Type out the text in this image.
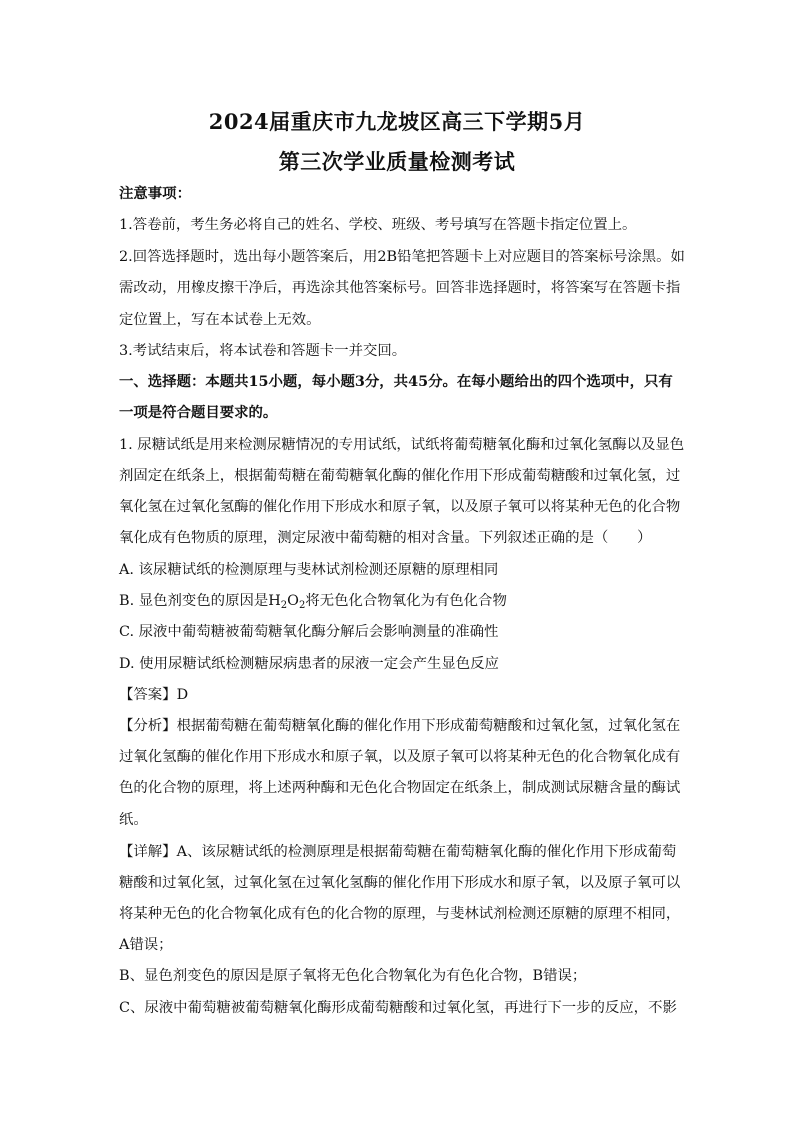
2024届重庆市九龙坡区高三下学期5月
第三次学业质量检测考试
注意事项：
1.答卷前，考生务必将自己的姓名、学校、班级、考号填写在答题卡指定位置上。
2.回答选择题时，选出每小题答案后，用2B铅笔把答题卡上对应题目的答案标号涂黑。如
需改动，用橡皮擦干净后，再选涂其他答案标号。回答非选择题时，将答案写在答题卡指
定位置上，写在本试卷上无效。
3.考试结束后，将本试卷和答题卡一并交回。
一、选择题：本题共15小题，每小题3分，共45分。在每小题给出的四个选项中，只有
一项是符合题目要求的。
1. 尿糖试纸是用来检测尿糖情况的专用试纸，试纸将葡萄糖氧化酶和过氧化氢酶以及显色
剂固定在纸条上，根据葡萄糖在葡萄糖氧化酶的催化作用下形成葡萄糖酸和过氧化氢，过
氧化氢在过氧化氢酶的催化作用下形成水和原子氧，以及原子氧可以将某种无色的化合物
氧化成有色物质的原理，测定尿液中葡萄糖的相对含量。下列叙述正确的是（　　）
A. 该尿糖试纸的检测原理与斐林试剂检测还原糖的原理相同
B. 显色剂变色的原因是$H_2O_2$将无色化合物氧化为有色化合物
C. 尿液中葡萄糖被葡萄糖氧化酶分解后会影响测量的准确性
D. 使用尿糖试纸检测糖尿病患者的尿液一定会产生显色反应
【答案】D
【分析】根据葡萄糖在葡萄糖氧化酶的催化作用下形成葡萄糖酸和过氧化氢，过氧化氢在
过氧化氢酶的催化作用下形成水和原子氧，以及原子氧可以将某种无色的化合物氧化成有
色的化合物的原理，将上述两种酶和无色化合物固定在纸条上，制成测试尿糖含量的酶试
纸。
【详解】A、该尿糖试纸的检测原理是根据葡萄糖在葡萄糖氧化酶的催化作用下形成葡萄
糖酸和过氧化氢，过氧化氢在过氧化氢酶的催化作用下形成水和原子氧，以及原子氧可以
将某种无色的化合物氧化成有色的化合物的原理，与斐林试剂检测还原糖的原理不相同，
A错误；
B、显色剂变色的原因是原子氧将无色化合物氧化为有色化合物，B错误；
C、尿液中葡萄糖被葡萄糖氧化酶形成葡萄糖酸和过氧化氢，再进行下一步的反应，不影
